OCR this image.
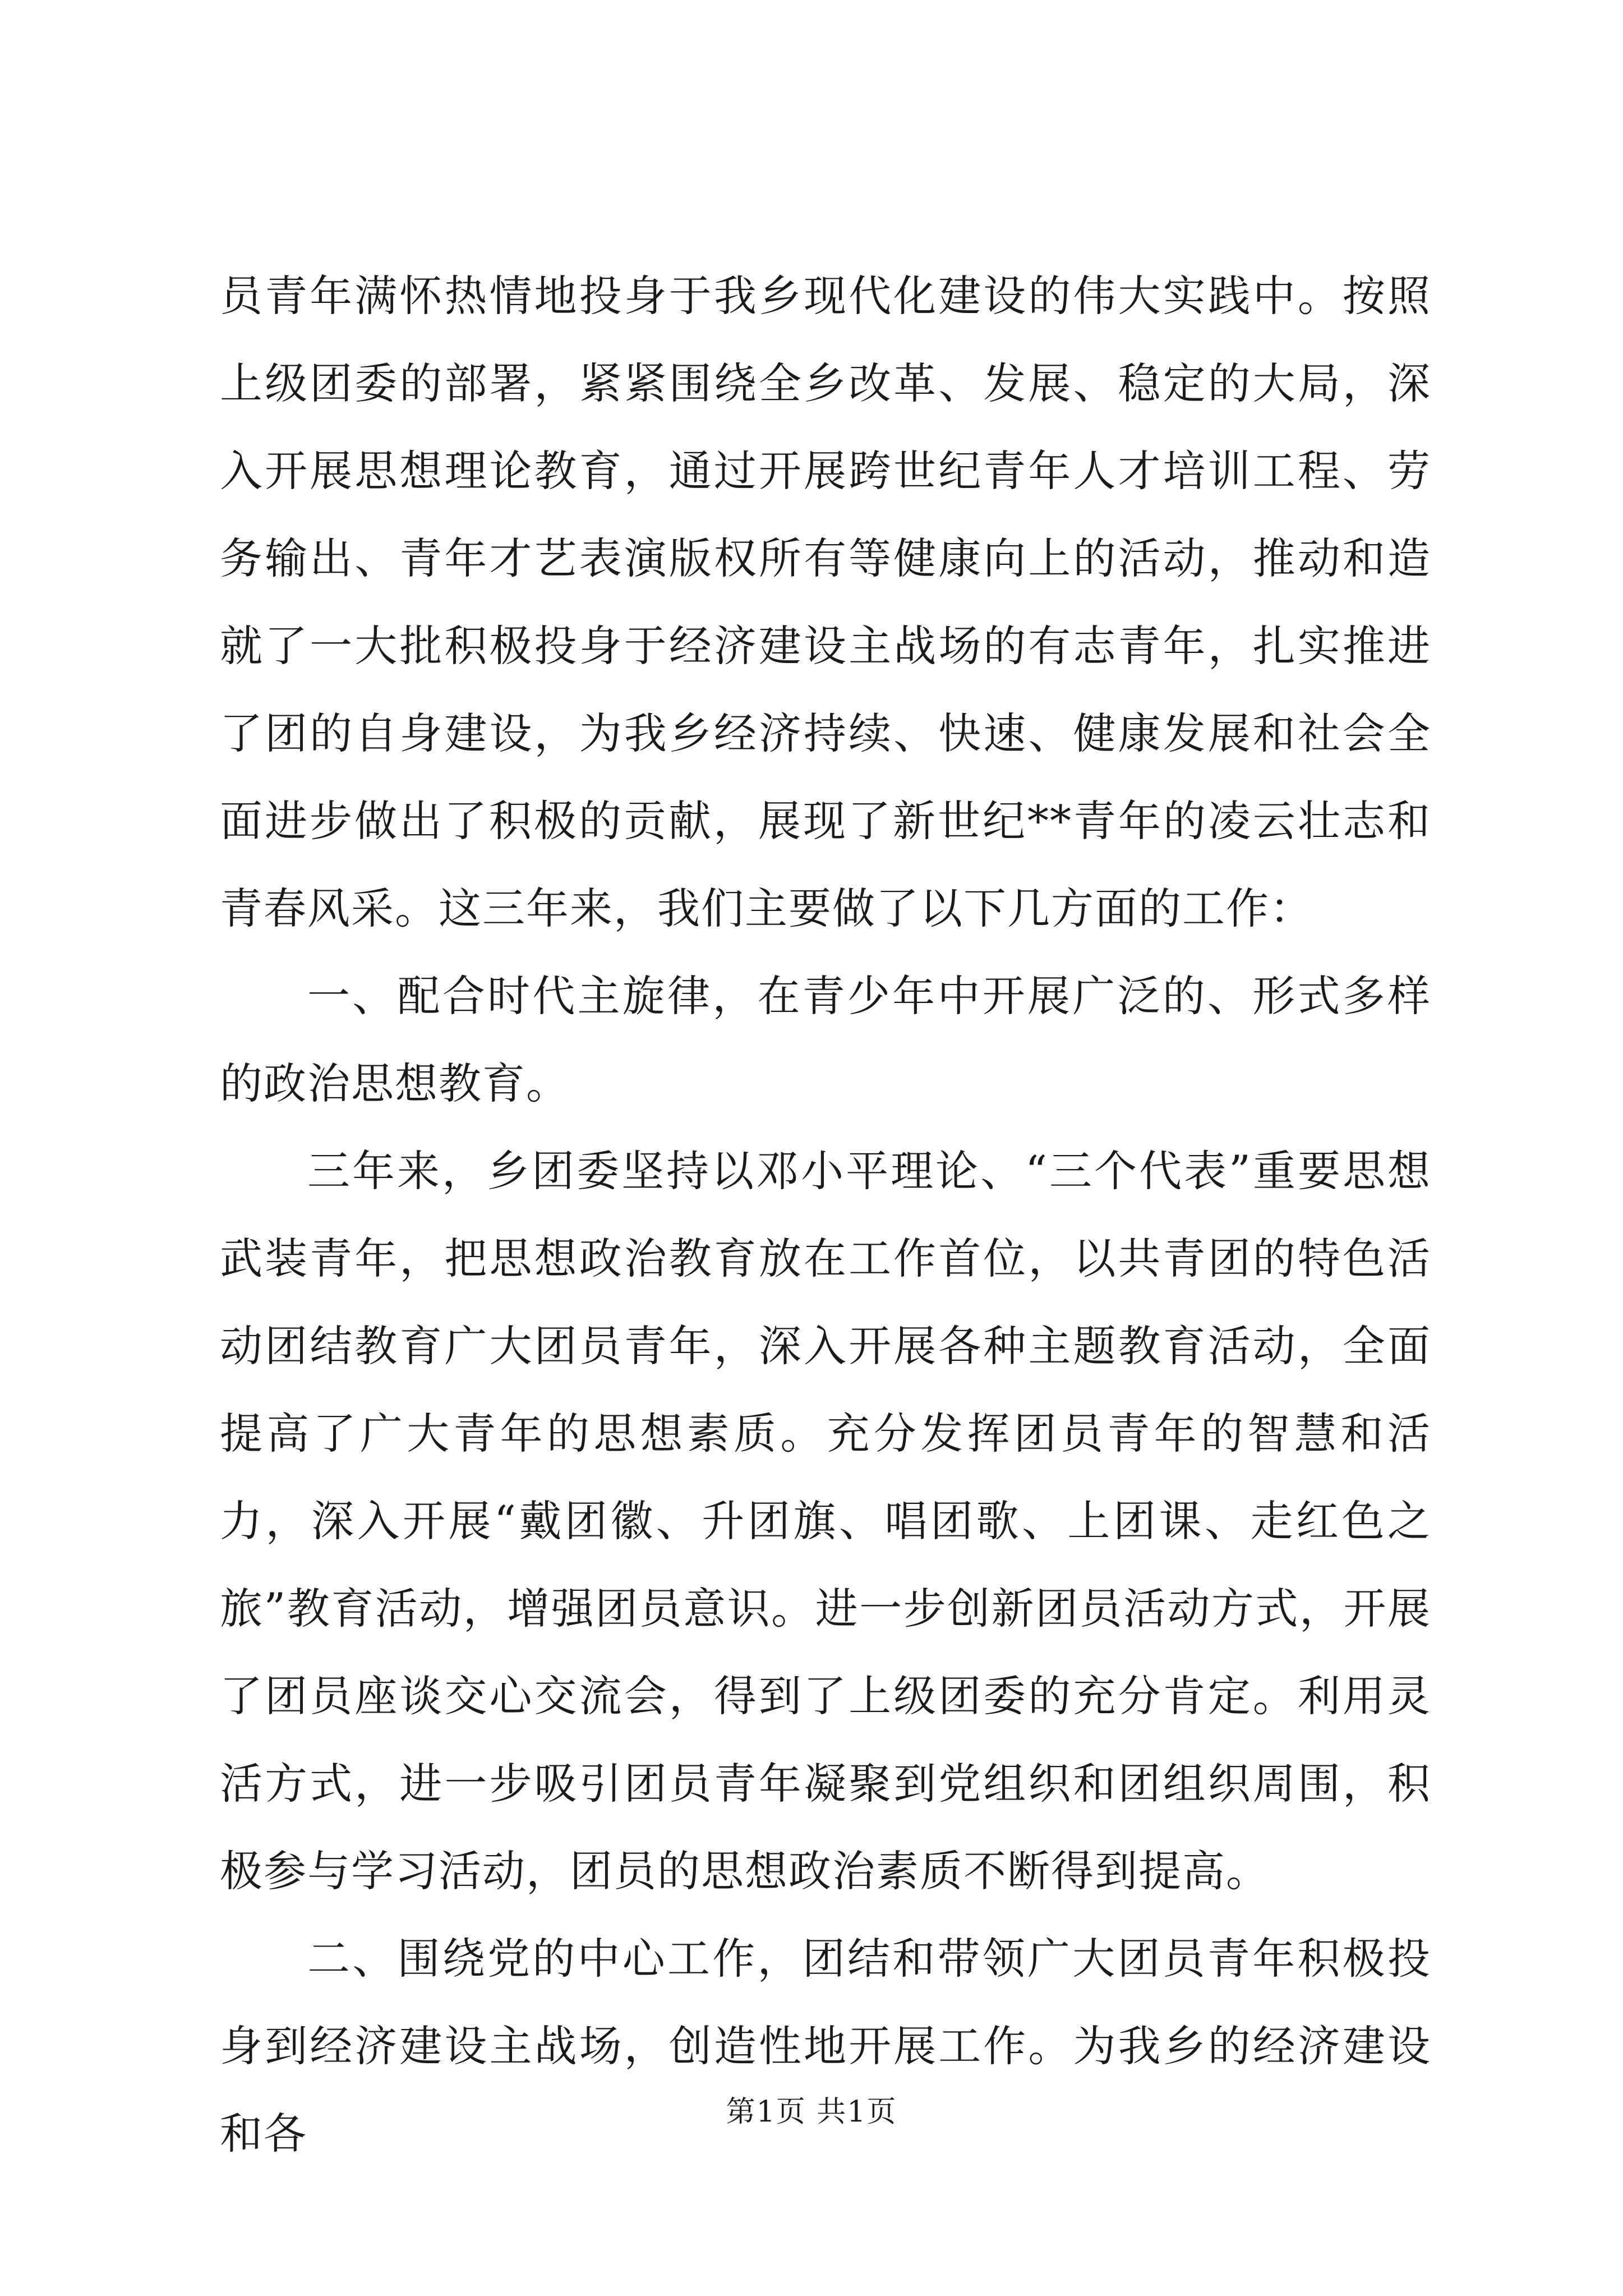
员青年满怀热情地投身于我乡现代化建设的伟大实践中。按照上级团委的部署，紧紧围绕全乡改革、发展、稳定的大局，深入开展思想理论教育，通过开展跨世纪青年人才培训工程、劳务输出、青年才艺表演版权所有等健康向上的活动，推动和造就了一大批积极投身于经济建设主战场的有志青年，扎实推进了团的自身建设，为我乡经济持续、快速、健康发展和社会全面进步做出了积极的贡献，展现了新世纪**青年的凌云壮志和青春风采。这三年来，我们主要做了以下几方面的工作：

一、配合时代主旋律，在青少年中开展广泛的、形式多样的政治思想教育。

三年来，乡团委坚持以邓小平理论、“三个代表”重要思想武装青年，把思想政治教育放在工作首位，以共青团的特色活动团结教育广大团员青年，深入开展各种主题教育活动，全面提高了广大青年的思想素质。充分发挥团员青年的智慧和活力，深入开展“戴团徽、升团旗、唱团歌、上团课、走红色之旅”教育活动，增强团员意识。进一步创新团员活动方式，开展了团员座谈交心交流会，得到了上级团委的充分肯定。利用灵活方式，进一步吸引团员青年凝聚到党组织和团组织周围，积极参与学习活动，团员的思想政治素质不断得到提高。

二、围绕党的中心工作，团结和带领广大团员青年积极投身到经济建设主战场，创造性地开展工作。为我乡的经济建设和各	第1页 共1页
